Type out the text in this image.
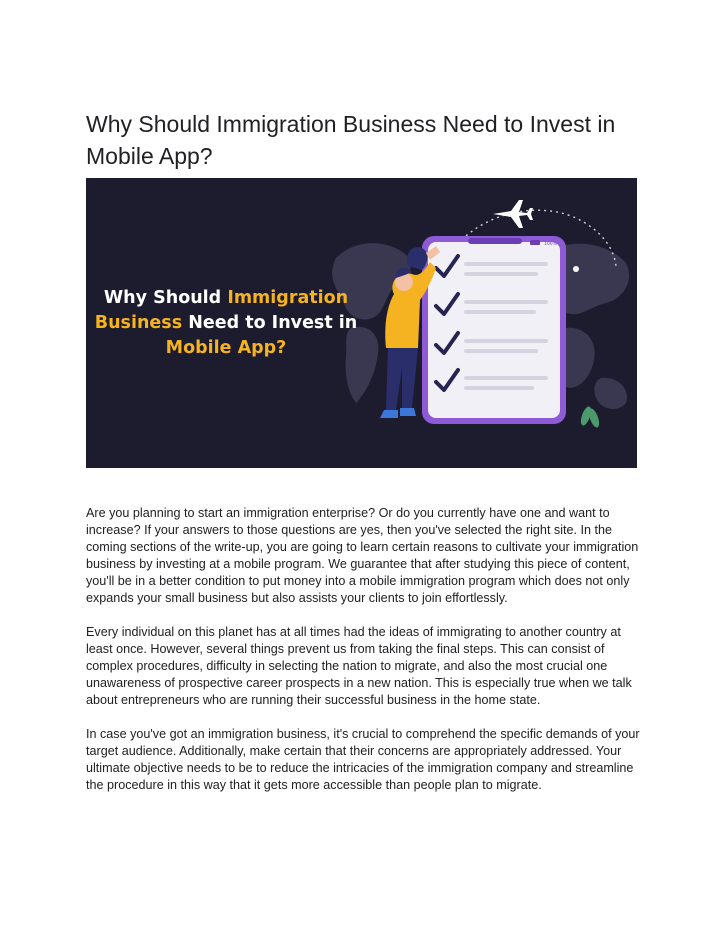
Why Should Immigration Business Need to Invest in Mobile App?
100%
Why Should Immigration
Business Need to Invest in
Mobile App?

Are you planning to start an immigration enterprise? Or do you currently have one and want to increase? If your answers to those questions are yes, then you've selected the right site. In the coming sections of the write-up, you are going to learn certain reasons to cultivate your immigration business by investing at a mobile program. We guarantee that after studying this piece of content, you'll be in a better condition to put money into a mobile immigration program which does not only expands your small business but also assists your clients to join effortlessly.

Every individual on this planet has at all times had the ideas of immigrating to another country at least once. However, several things prevent us from taking the final steps. This can consist of complex procedures, difficulty in selecting the nation to migrate, and also the most crucial one unawareness of prospective career prospects in a new nation. This is especially true when we talk about entrepreneurs who are running their successful business in the home state.

In case you've got an immigration business, it's crucial to comprehend the specific demands of your target audience. Additionally, make certain that their concerns are appropriately addressed. Your ultimate objective needs to be to reduce the intricacies of the immigration company and streamline the procedure in this way that it gets more accessible than people plan to migrate.
